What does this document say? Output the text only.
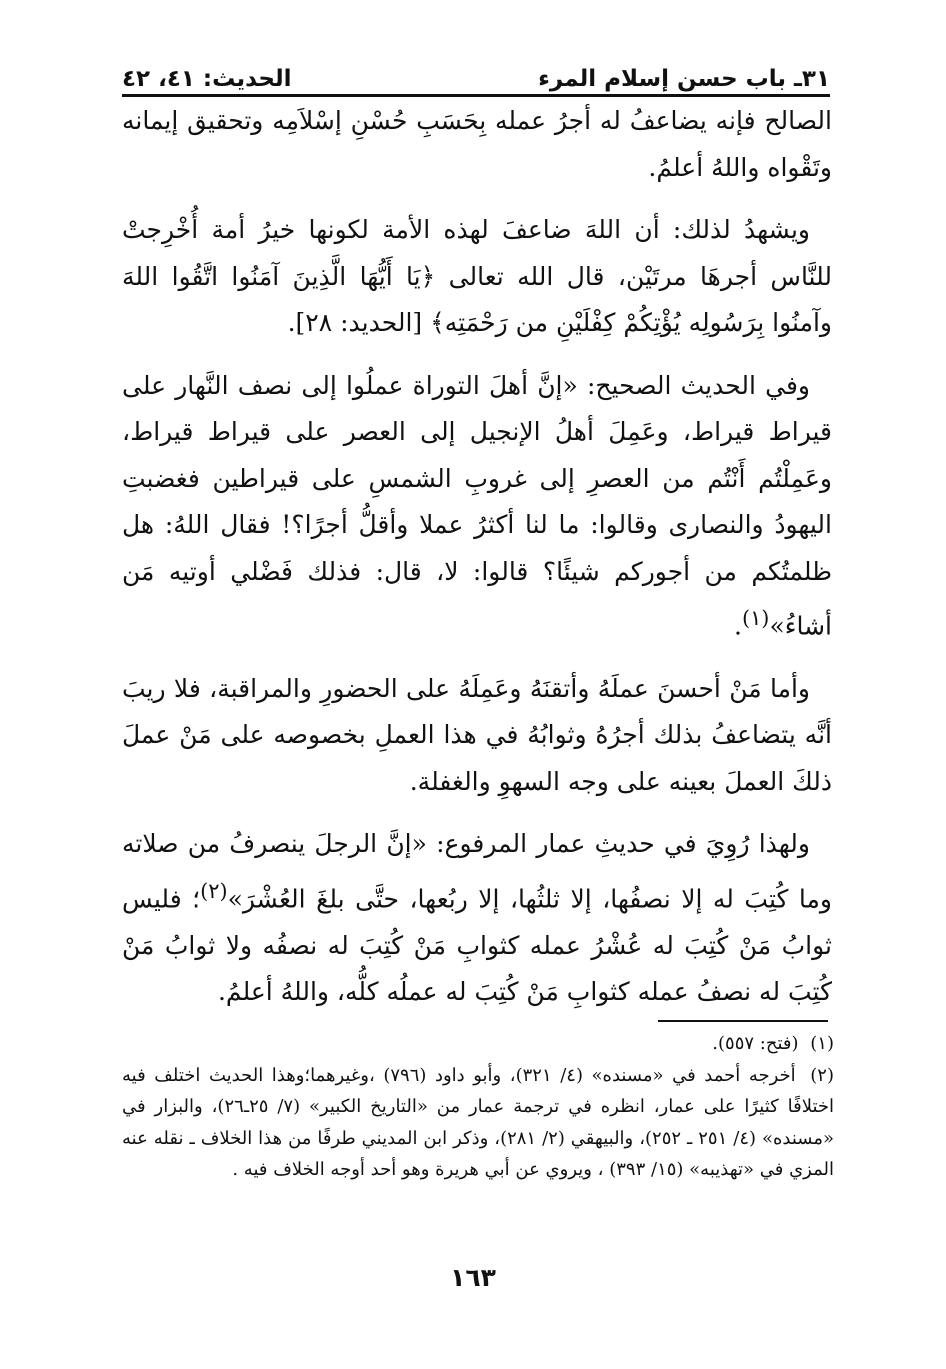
٣١ـ باب حسن إسلام المرء
الحديث: ٤١، ٤٢

الصالح فإنه يضاعفُ له أجرُ عمله بِحَسَبِ حُسْنِ إسْلاَمِه وتحقيق إيمانه وتَقْواه واللهُ أعلمُ.

ويشهدُ لذلك: أن اللهَ ضاعفَ لهذه الأمة لكونها خيرُ أمة أُخْرِجتْ للنَّاس أجرهَا مرتَيْن، قال الله تعالى ﴿يَا أَيُّهَا الَّذِينَ آمَنُوا اتَّقُوا اللهَ وآمنُوا بِرَسُولِه يُؤْتِكُمْ كِفْلَيْنِ من رَحْمَتِه﴾ [الحديد: ٢٨].

وفي الحديث الصحيح: «إنَّ أهلَ التوراة عملُوا إلى نصف النَّهار على قيراط قيراط، وعَمِلَ أهلُ الإنجيل إلى العصر على قيراط قيراط، وعَمِلْتُم أَنْتُم من العصرِ إلى غروبِ الشمسِ على قيراطين فغضبتِ اليهودُ والنصارى وقالوا: ما لنا أكثرُ عملا وأقلُّ أجرًا؟! فقال اللهُ: هل ظلمتُكم من أجوركم شيئًا؟ قالوا: لا، قال: فذلك فَضْلي أوتيه مَن أشاءُ»$^{(١)}$.

وأما مَنْ أحسنَ عملَهُ وأتقنَهُ وعَمِلَهُ على الحضورِ والمراقبة، فلا ريبَ أنَّه يتضاعفُ بذلك أجرُهُ وثوابُهُ في هذا العملِ بخصوصه على مَنْ عملَ ذلكَ العملَ بعينه على وجه السهوِ والغفلة.

ولهذا رُوِيَ في حديثِ عمار المرفوع: «إنَّ الرجلَ ينصرفُ من صلاته وما كُتِبَ له إلا نصفُها، إلا ثلثُها، إلا ربُعها، حتَّى بلغَ العُشْرَ»$^{(٢)}$؛ فليس ثوابُ مَنْ كُتِبَ له عُشْرُ عمله كثوابِ مَنْ كُتِبَ له نصفُه ولا ثوابُ مَنْ كُتِبَ له نصفُ عمله كثوابِ مَنْ كُتِبَ له عملُه كلُّه، واللهُ أعلمُ.

(١) (فتح: ٥٥٧).

(٢) أخرجه أحمد في «مسنده» (٤/ ٣٢١)، وأبو داود (٧٩٦) ،وغيرهما؛وهذا الحديث اختلف فيه اختلافًا كثيرًا على عمار، انظره في ترجمة عمار من «التاريخ الكبير» (٧/ ٢٥ـ٢٦)، والبزار في «مسنده» (٤/ ٢٥١ ـ ٢٥٢)، والبيهقي (٢/ ٢٨١)، وذكر ابن المديني طرفًا من هذا الخلاف ـ نقله عنه المزي في «تهذيبه» (١٥/ ٣٩٣) ، ويروي عن أبي هريرة وهو أحد أوجه الخلاف فيه .

١٦٣
